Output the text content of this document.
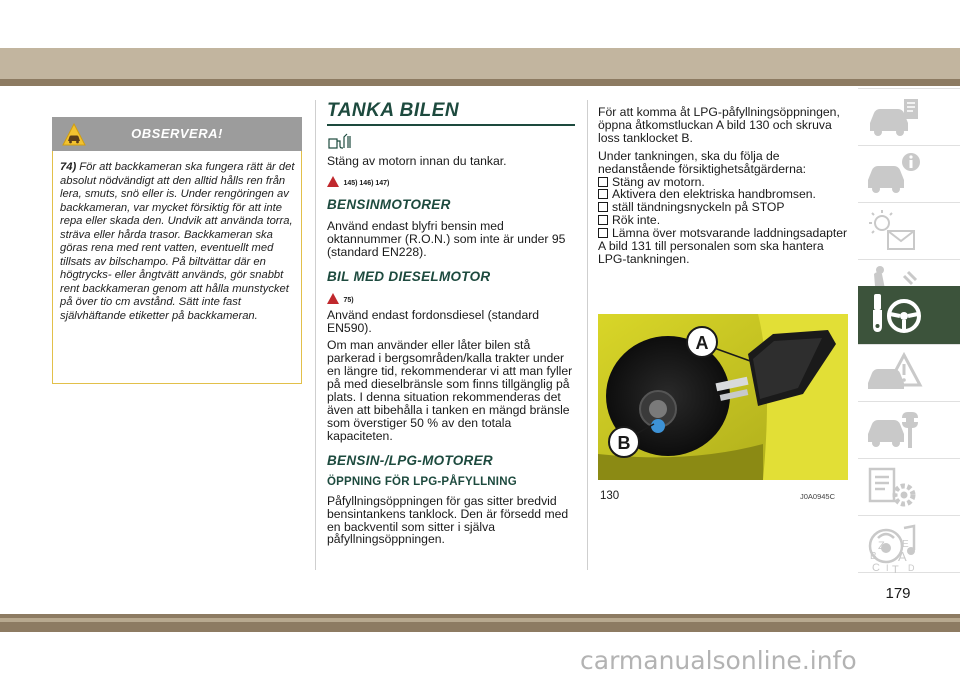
OBSERVERA!
74) För att backkameran ska fungera rätt är det absolut nödvändigt att den alltid hålls ren från lera, smuts, snö eller is. Under rengöringen av backkameran, var mycket försiktig för att inte repa eller skada den. Undvik att använda torra, sträva eller hårda trasor. Backkameran ska göras rena med rent vatten, eventuellt med tillsats av bilschampo. På biltvättar där en högtrycks- eller ångtvätt används, gör snabbt rent backkameran genom att hålla munstycket på över tio cm avstånd. Sätt inte fast självhäftande etiketter på backkameran.
TANKA BILEN

Stäng av motorn innan du tankar.

145) 146) 147)
BENSINMOTORER

Använd endast blyfri bensin med oktannummer (R.O.N.) som inte är under 95 (standard EN228).

BIL MED DIESELMOTOR
75)

Använd endast fordonsdiesel (standard EN590).

Om man använder eller låter bilen stå parkerad i bergsområden/kalla trakter under en längre tid, rekommenderar vi att man fyller på med dieselbränsle som finns tillgänglig på plats. I denna situation rekommenderas det även att bibehålla i tanken en mängd bränsle som överstiger 50 % av den totala kapaciteten.

BENSIN-/LPG-MOTORER
ÖPPNING FÖR LPG-PÅFYLLNING

Påfyllningsöppningen för gas sitter bredvid bensintankens tanklock. Den är försedd med en backventil som sitter i själva påfyllningsöppningen.

För att komma åt LPG-påfyllningsöppningen, öppna åtkomstluckan A bild 130 och skruva loss tanklocket B.

Under tankningen, ska du följa de nedanstående försiktighetsåtgärderna:

Stäng av motorn.

Aktivera den elektriska handbromsen.

ställ tändningsnyckeln på STOP

Rök inte.

Lämna över motsvarande laddningsadapter A bild 131 till personalen som ska hantera LPG-tankningen.

A
B
130	J0A0945C
Z E
B A
C I T D
179
carmanualsonline.info
